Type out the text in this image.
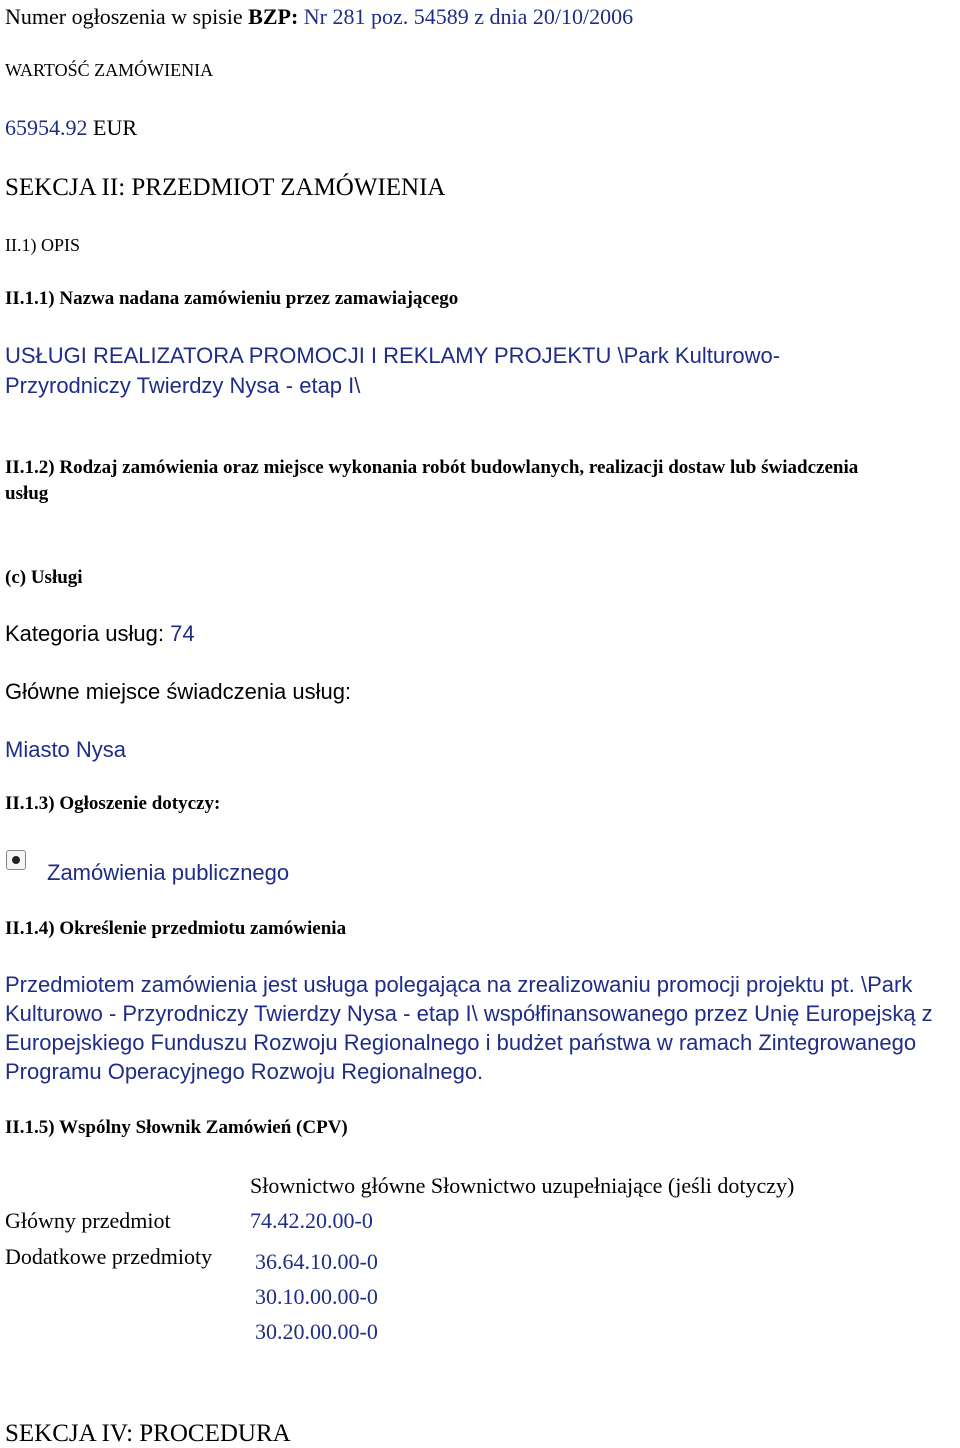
Numer ogłoszenia w spisie BZP: Nr 281 poz. 54589 z dnia 20/10/2006
WARTOŚĆ ZAMÓWIENIA
65954.92 EUR
SEKCJA II: PRZEDMIOT ZAMÓWIENIA
II.1) OPIS
II.1.1) Nazwa nadana zamówieniu przez zamawiającego
USŁUGI REALIZATORA PROMOCJI I REKLAMY PROJEKTU \Park Kulturowo-
Przyrodniczy Twierdzy Nysa - etap I\
II.1.2) Rodzaj zamówienia oraz miejsce wykonania robót budowlanych, realizacji dostaw lub świadczenia
usług
(c) Usługi
Kategoria usług: 74
Główne miejsce świadczenia usług:
Miasto Nysa
II.1.3) Ogłoszenie dotyczy:
Zamówienia publicznego
II.1.4) Określenie przedmiotu zamówienia
Przedmiotem zamówienia jest usługa polegająca na zrealizowaniu promocji projektu pt. \Park Kulturowo - Przyrodniczy Twierdzy Nysa - etap I\ współfinansowanego przez Unię Europejską z Europejskiego Funduszu Rozwoju Regionalnego i budżet państwa w ramach Zintegrowanego Programu Operacyjnego Rozwoju Regionalnego.
II.1.5) Wspólny Słownik Zamówień (CPV)
Słownictwo główne Słownictwo uzupełniające (jeśli dotyczy)
Główny przedmiot	74.42.20.00-0
Dodatkowe przedmioty 36.64.10.00-0
30.10.00.00-0
30.20.00.00-0
SEKCJA IV: PROCEDURA
